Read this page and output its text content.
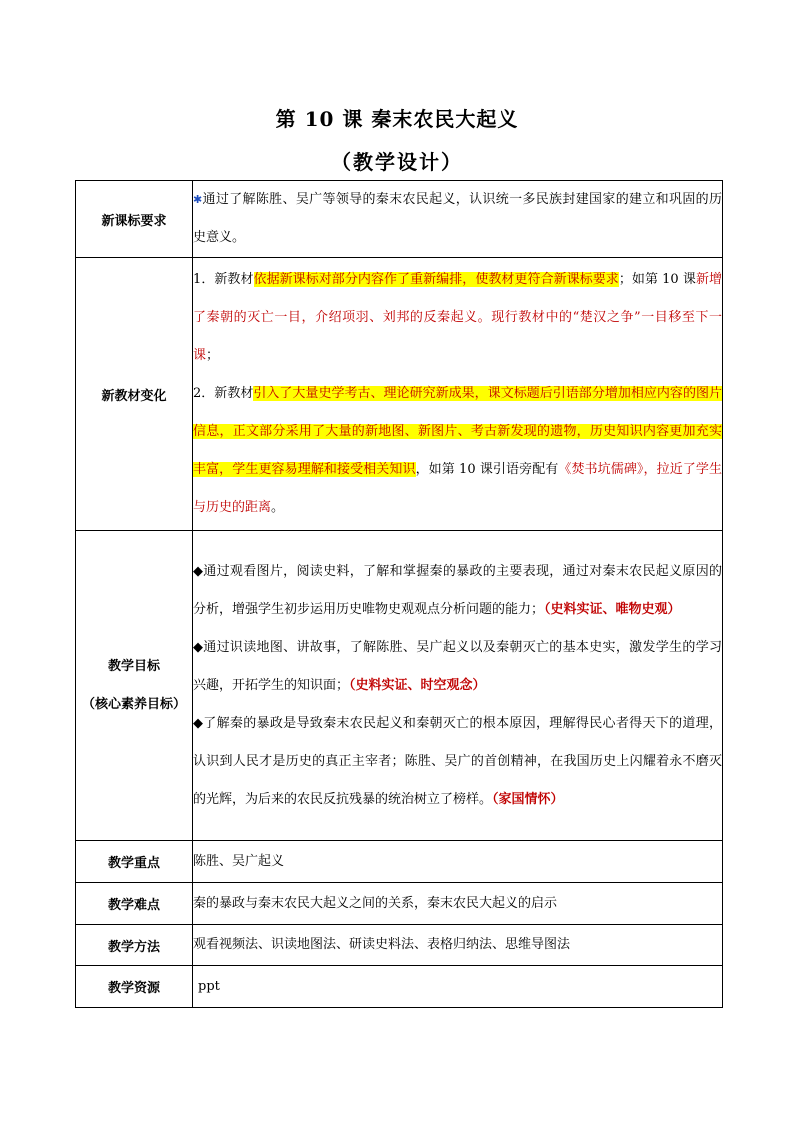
第 10 课 秦末农民大起义
（教学设计）
新课标要求	✱通过了解陈胜、吴广等领导的秦末农民起义，认识统一多民族封建国家的建立和巩固的历史意义。
新教材变化	1．新教材依据新课标对部分内容作了重新编排，使教材更符合新课标要求；如第 10 课新增了秦朝的灭亡一目，介绍项羽、刘邦的反秦起义。现行教材中的“楚汉之争”一目移至下一课；
2．新教材引入了大量史学考古、理论研究新成果，课文标题后引语部分增加相应内容的图片信息，正文部分采用了大量的新地图、新图片、考古新发现的遗物，历史知识内容更加充实丰富，学生更容易理解和接受相关知识，如第 10 课引语旁配有《焚书坑儒碑》，拉近了学生与历史的距离。

教学目标
（核心素养目标）	◆通过观看图片，阅读史料，了解和掌握秦的暴政的主要表现，通过对秦末农民起义原因的分析，增强学生初步运用历史唯物史观观点分析问题的能力；（史料实证、唯物史观）
◆通过识读地图、讲故事，了解陈胜、吴广起义以及秦朝灭亡的基本史实，激发学生的学习兴趣，开拓学生的知识面；（史料实证、时空观念）
◆了解秦的暴政是导致秦末农民起义和秦朝灭亡的根本原因，理解得民心者得天下的道理，认识到人民才是历史的真正主宰者；陈胜、吴广的首创精神，在我国历史上闪耀着永不磨灭的光辉，为后来的农民反抗残暴的统治树立了榜样。（家国情怀）

教学重点	陈胜、吴广起义
教学难点	秦的暴政与秦末农民大起义之间的关系，秦末农民大起义的启示
教学方法	观看视频法、识读地图法、研读史料法、表格归纳法、思维导图法
教学资源	ppt
